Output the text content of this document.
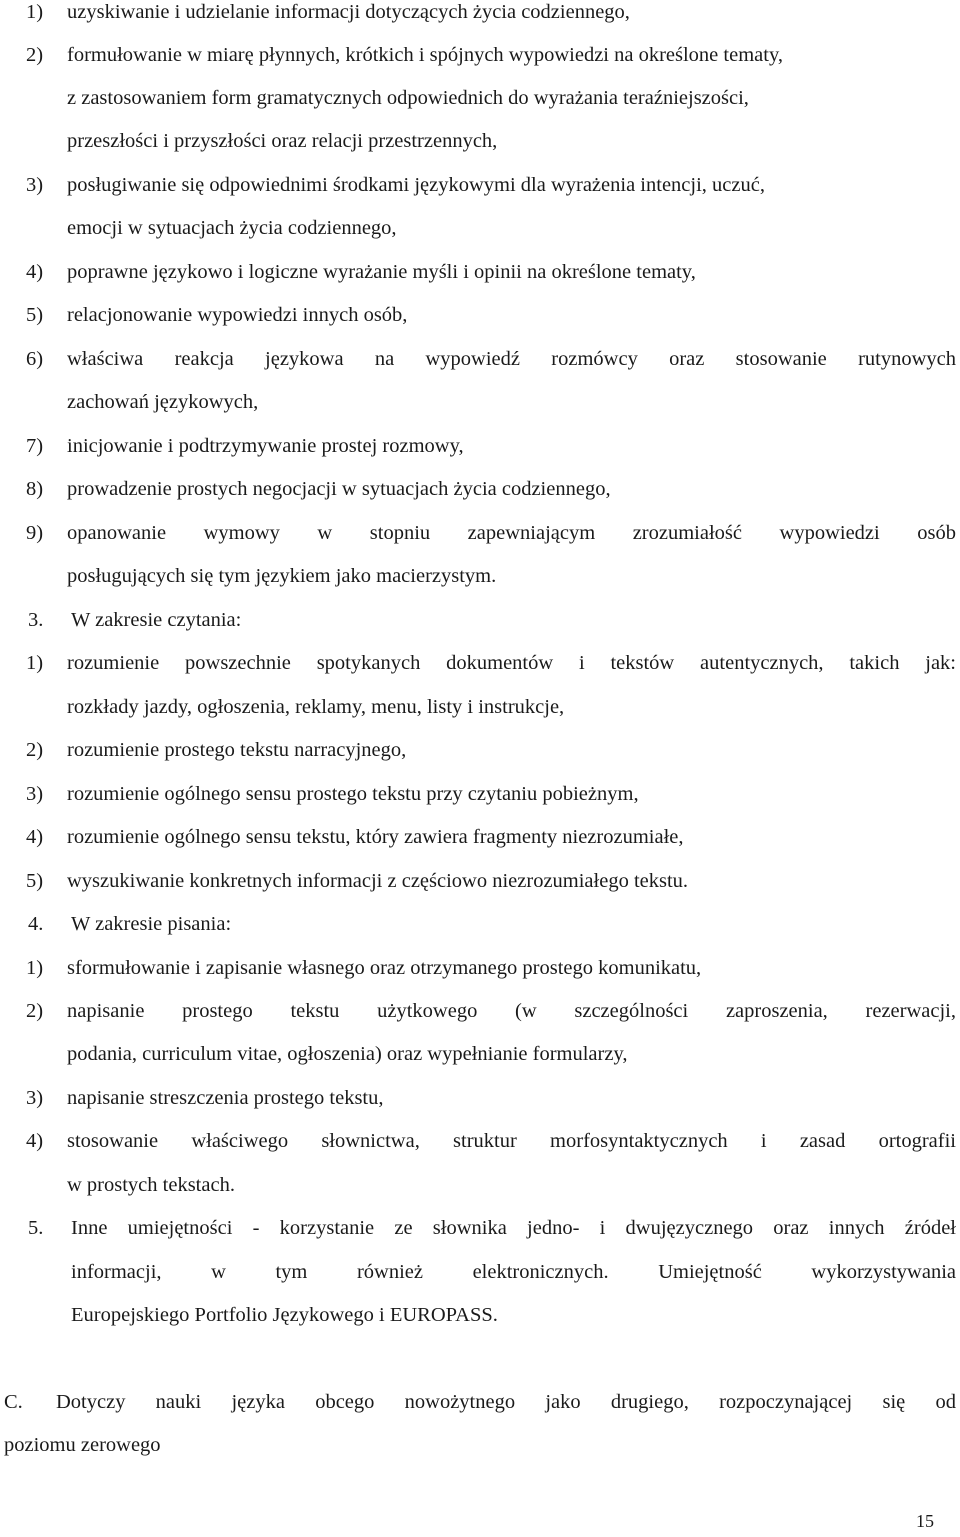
1) uzyskiwanie i udzielanie informacji dotyczących życia codziennego,
2) formułowanie w miarę płynnych, krótkich i spójnych wypowiedzi na określone tematy,
z zastosowaniem form gramatycznych odpowiednich do wyrażania teraźniejszości,
przeszłości i przyszłości oraz relacji przestrzennych,
3) posługiwanie się odpowiednimi środkami językowymi dla wyrażenia intencji, uczuć,
emocji w sytuacjach życia codziennego,
4) poprawne językowo i logiczne wyrażanie myśli i opinii na określone tematy,
5) relacjonowanie wypowiedzi innych osób,
6) właściwa reakcja językowa na wypowiedź rozmówcy oraz stosowanie rutynowych
zachowań językowych,
7) inicjowanie i podtrzymywanie prostej rozmowy,
8) prowadzenie prostych negocjacji w sytuacjach życia codziennego,
9) opanowanie wymowy w stopniu zapewniającym zrozumiałość wypowiedzi osób
posługujących się tym językiem jako macierzystym.
3. W zakresie czytania:
1) rozumienie powszechnie spotykanych dokumentów i tekstów autentycznych, takich jak:
rozkłady jazdy, ogłoszenia, reklamy, menu, listy i instrukcje,
2) rozumienie prostego tekstu narracyjnego,
3) rozumienie ogólnego sensu prostego tekstu przy czytaniu pobieżnym,
4) rozumienie ogólnego sensu tekstu, który zawiera fragmenty niezrozumiałe,
5) wyszukiwanie konkretnych informacji z częściowo niezrozumiałego tekstu.
4. W zakresie pisania:
1) sformułowanie i zapisanie własnego oraz otrzymanego prostego komunikatu,
2) napisanie prostego tekstu użytkowego (w szczególności zaproszenia, rezerwacji,
podania, curriculum vitae, ogłoszenia) oraz wypełnianie formularzy,
3) napisanie streszczenia prostego tekstu,
4) stosowanie właściwego słownictwa, struktur morfosyntaktycznych i zasad ortografii
w prostych tekstach.
5. Inne umiejętności - korzystanie ze słownika jedno- i dwujęzycznego oraz innych źródeł
informacji, w tym również elektronicznych. Umiejętność wykorzystywania
Europejskiego Portfolio Językowego i EUROPASS.
C. Dotyczy nauki języka obcego nowożytnego jako drugiego, rozpoczynającej się od
poziomu zerowego
15
